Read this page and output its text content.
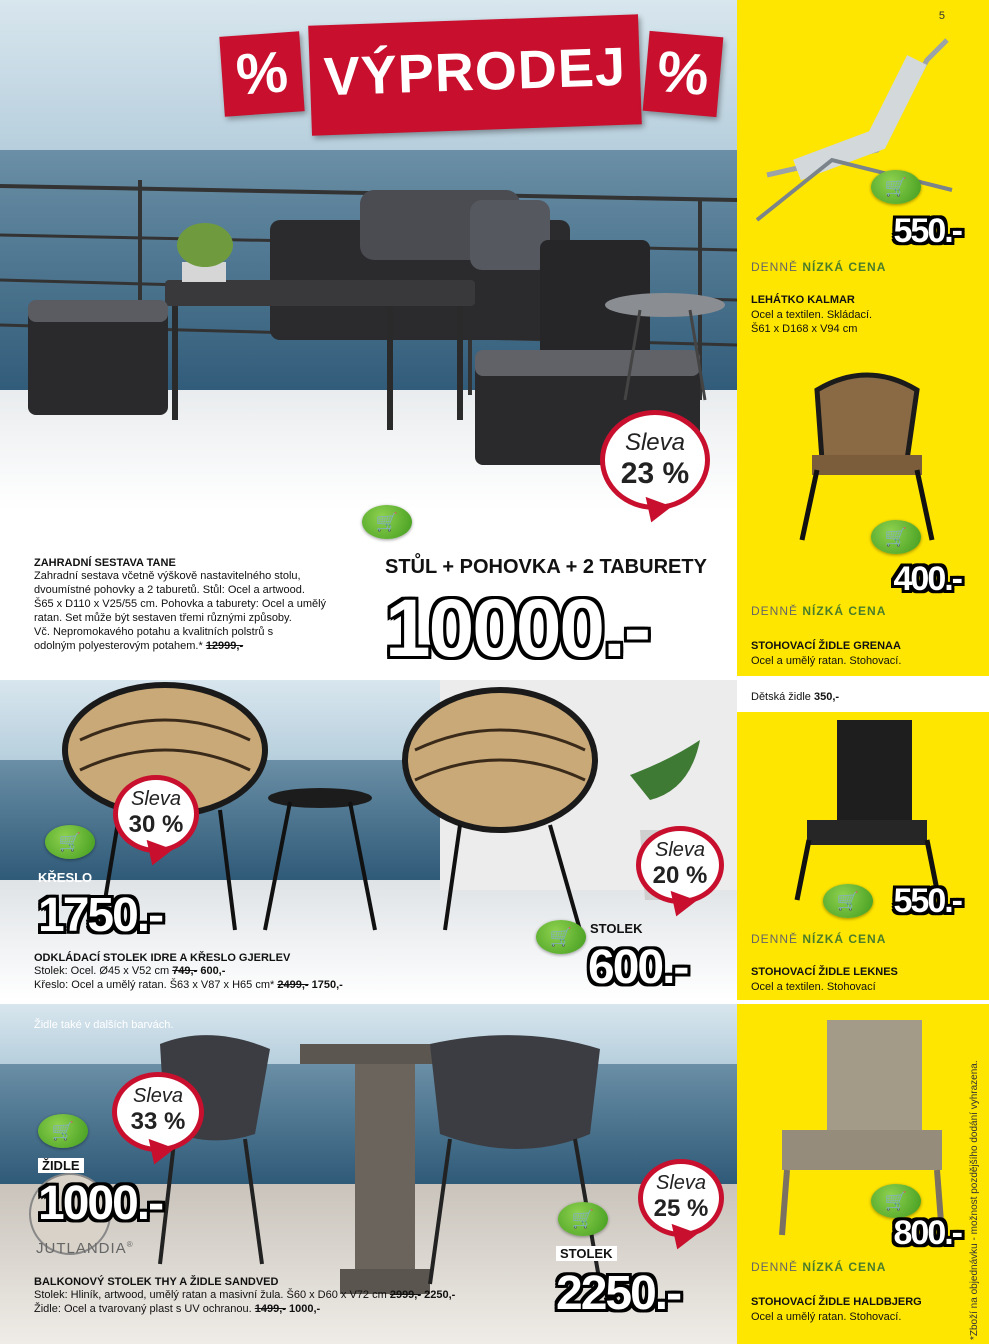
% VÝPRODEJ %
Sleva
23 %
🛒
STŮL + POHOVKA + 2 TABURETY
10000.-
ZAHRADNÍ SESTAVA TANE
Zahradní sestava včetně výškově nastavitelného stolu,
dvoumístné pohovky a 2 taburetů. Stůl: Ocel a artwood.
Š65 x D110 x V25/55 cm. Pohovka a taburety: Ocel a umělý
ratan. Set může být sestaven třemi různými způsoby.
Vč. Nepromokavého potahu a kvalitních polstrů s
odolným polyesterovým potahem.* 12999,-
Sleva
30 %
🛒
KŘESLO
1750.-
Sleva
20 %
🛒	STOLEK
600.-
ODKLÁDACÍ STOLEK IDRE A KŘESLO GJERLEV
Stolek: Ocel. Ø45 x V52 cm 749,- 600,-
Křeslo: Ocel a umělý ratan. Š63 x V87 x H65 cm* 2499,- 1750,-
Židle také v dalších barvách.
Sleva
33 %
🛒
ŽIDLE
1000.-
JUTLANDIA®
Sleva
25 %
🛒
STOLEK
2250.-
BALKONOVÝ STOLEK THY A ŽIDLE SANDVED
Stolek: Hliník, artwood, umělý ratan a masivní žula. Š60 x D60 x V72 cm 2999,- 2250,-
Židle: Ocel a tvarovaný plast s UV ochranou. 1499,- 1000,-
5
🛒
550.-
DENNĚ NÍZKÁ CENA
LEHÁTKO KALMAR
Ocel a textilen. Skládací.
Š61 x D168 x V94 cm
🛒
400.-
DENNĚ NÍZKÁ CENA
STOHOVACÍ ŽIDLE GRENAA
Ocel a umělý ratan. Stohovací.
Dětská židle 350,-
🛒	550.-
DENNĚ NÍZKÁ CENA
STOHOVACÍ ŽIDLE LEKNES
Ocel a textilen. Stohovací
🛒
800.-
DENNĚ NÍZKÁ CENA
STOHOVACÍ ŽIDLE HALDBJERG
Ocel a umělý ratan. Stohovací.	*Zboží na objednávku - možnost pozdějšího dodání vyhrazena.
